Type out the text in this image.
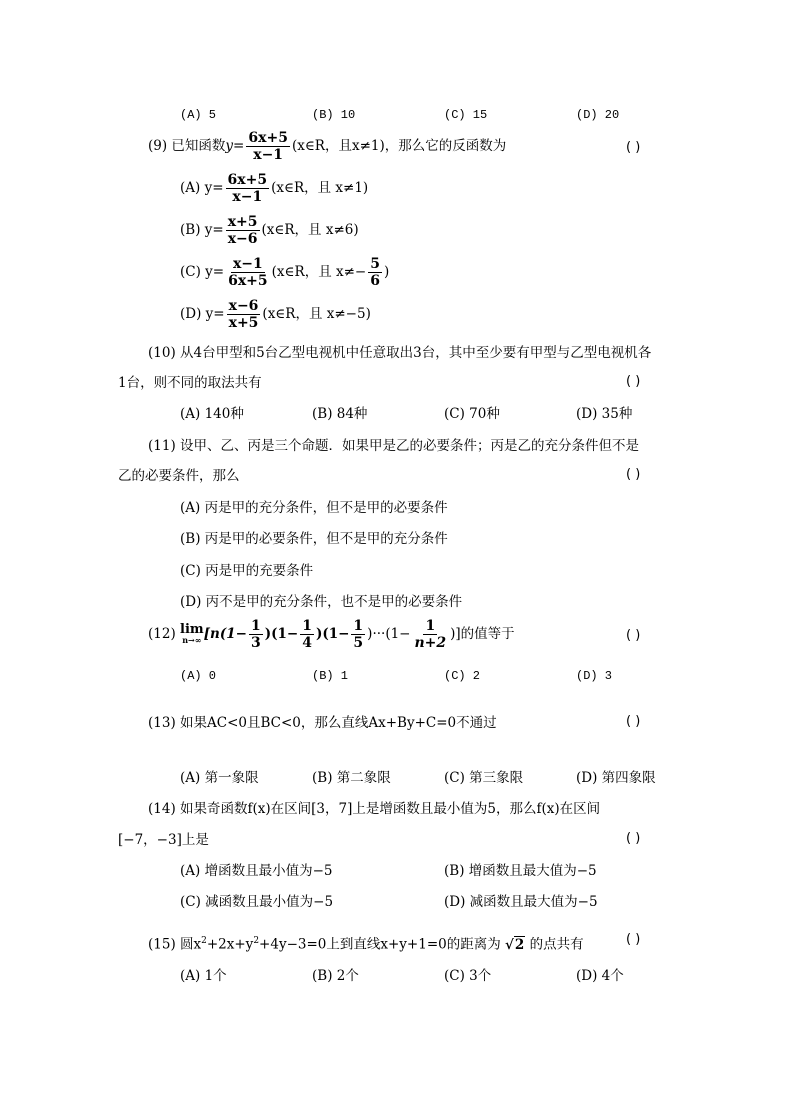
(A) 5	(B) 10	(C) 15	(D) 20
(9) 已知函数$y= \frac{6x+5}{x-1}$ (x∈R，且x≠1)，那么它的反函数为	( )
(A) $y= \frac{6x+5}{x-1}$ (x∈R，且 x≠1)
(B) $y= \frac{x+5}{x-6}$ (x∈R，且 x≠6)
(C) $y= \frac{x-1}{6x+5}$ (x∈R，且 $x\ne- \frac{5}{6}$ )
(D) $y= \frac{x-6}{x+5}$ (x∈R，且 x≠−5)
(10) 从4台甲型和5台乙型电视机中任意取出3台，其中至少要有甲型与乙型电视机各
1台，则不同的取法共有	( )
(A) 140种	(B) 84种	(C) 70种	(D) 35种
(11) 设甲、乙、丙是三个命题．如果甲是乙的必要条件；丙是乙的充分条件但不是
乙的必要条件，那么	( )
(A) 丙是甲的充分条件，但不是甲的必要条件
(B) 丙是甲的必要条件，但不是甲的充分条件
(C) 丙是甲的充要条件
(D) 丙不是甲的充分条件，也不是甲的必要条件
(12) lim
n→∞ [$n(1- \frac{1}{3} )(1- \frac{1}{4} )(1- \frac{1}{5} )\cdot\cdot\cdot(1- \frac{1}{n+2}$ )]的值等于	( )
(A) 0	(B) 1	(C) 2	(D) 3
(13) 如果AC<0且BC<0，那么直线Ax+By+C=0不通过	( )
(A) 第一象限	(B) 第二象限	(C) 第三象限	(D) 第四象限
(14) 如果奇函数f(x)在区间[3，7]上是增函数且最小值为5，那么f(x)在区间
[−7，−3]上是	( )
(A) 增函数且最小值为−5	(B) 增函数且最大值为−5
(C) 减函数且最小值为−5	(D) 减函数且最大值为−5
(15) 圆$x^2+2x+y^2+4y-3=0$上到直线x+y+1=0的距离为 √2 的点共有	( )
(A) 1个	(B) 2个	(C) 3个	(D) 4个
